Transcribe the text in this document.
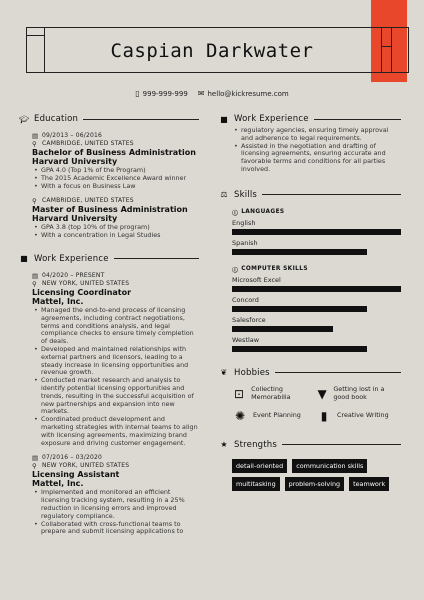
Caspian Darkwater
▯ 999-999-999 ✉ hello@kickresume.com
🎓︎ Education
▤ 09/2013 – 06/2016
⚲ CAMBRIDGE, UNITED STATES
Bachelor of Business Administration
Harvard University
• GPA 4.0 (Top 1% of the Program)
• The 2015 Academic Excellence Award winner
• With a focus on Business Law
⚲ CAMBRIDGE, UNITED STATES
Master of Business Administration
Harvard University
• GPA 3.8 (top 10% of the program)
• With a concentration in Legal Studies
■ Work Experience
▤ 04/2020 – PRESENT
⚲ NEW YORK, UNITED STATES
Licensing Coordinator
Mattel, Inc.
• Managed the end-to-end process of licensing agreements, including contract negotiations, terms and conditions analysis, and legal compliance checks to ensure timely completion of deals.
• Developed and maintained relationships with external partners and licensors, leading to a steady increase in licensing opportunities and revenue growth.
• Conducted market research and analysis to identify potential licensing opportunities and trends, resulting in the successful acquisition of new partnerships and expansion into new markets.
• Coordinated product development and marketing strategies with internal teams to align with licensing agreements, maximizing brand exposure and driving customer engagement.
▤ 07/2016 – 03/2020
⚲ NEW YORK, UNITED STATES
Licensing Assistant
Mattel, Inc.
• Implemented and monitored an efficient licensing tracking system, resulting in a 25% reduction in licensing errors and improved regulatory compliance.
• Collaborated with cross-functional teams to prepare and submit licensing applications to
■ Work Experience
• regulatory agencies, ensuring timely approval and adherence to legal requirements.
• Assisted in the negotiation and drafting of licensing agreements, ensuring accurate and favorable terms and conditions for all parties involved.
⚖ Skills
ⓘ LANGUAGES
English
Spanish
ⓘ COMPUTER SKILLS
Microsoft Excel
Concord
Salesforce
Westlaw
❦ Hobbies
⊡	Collecting Memorabilia	▼ Getting lost in a good book
✺	Event Planning	▮	Creative Writing
★ Strengths
detail-oriented	communication skills
multitasking	problem-solving	teamwork
